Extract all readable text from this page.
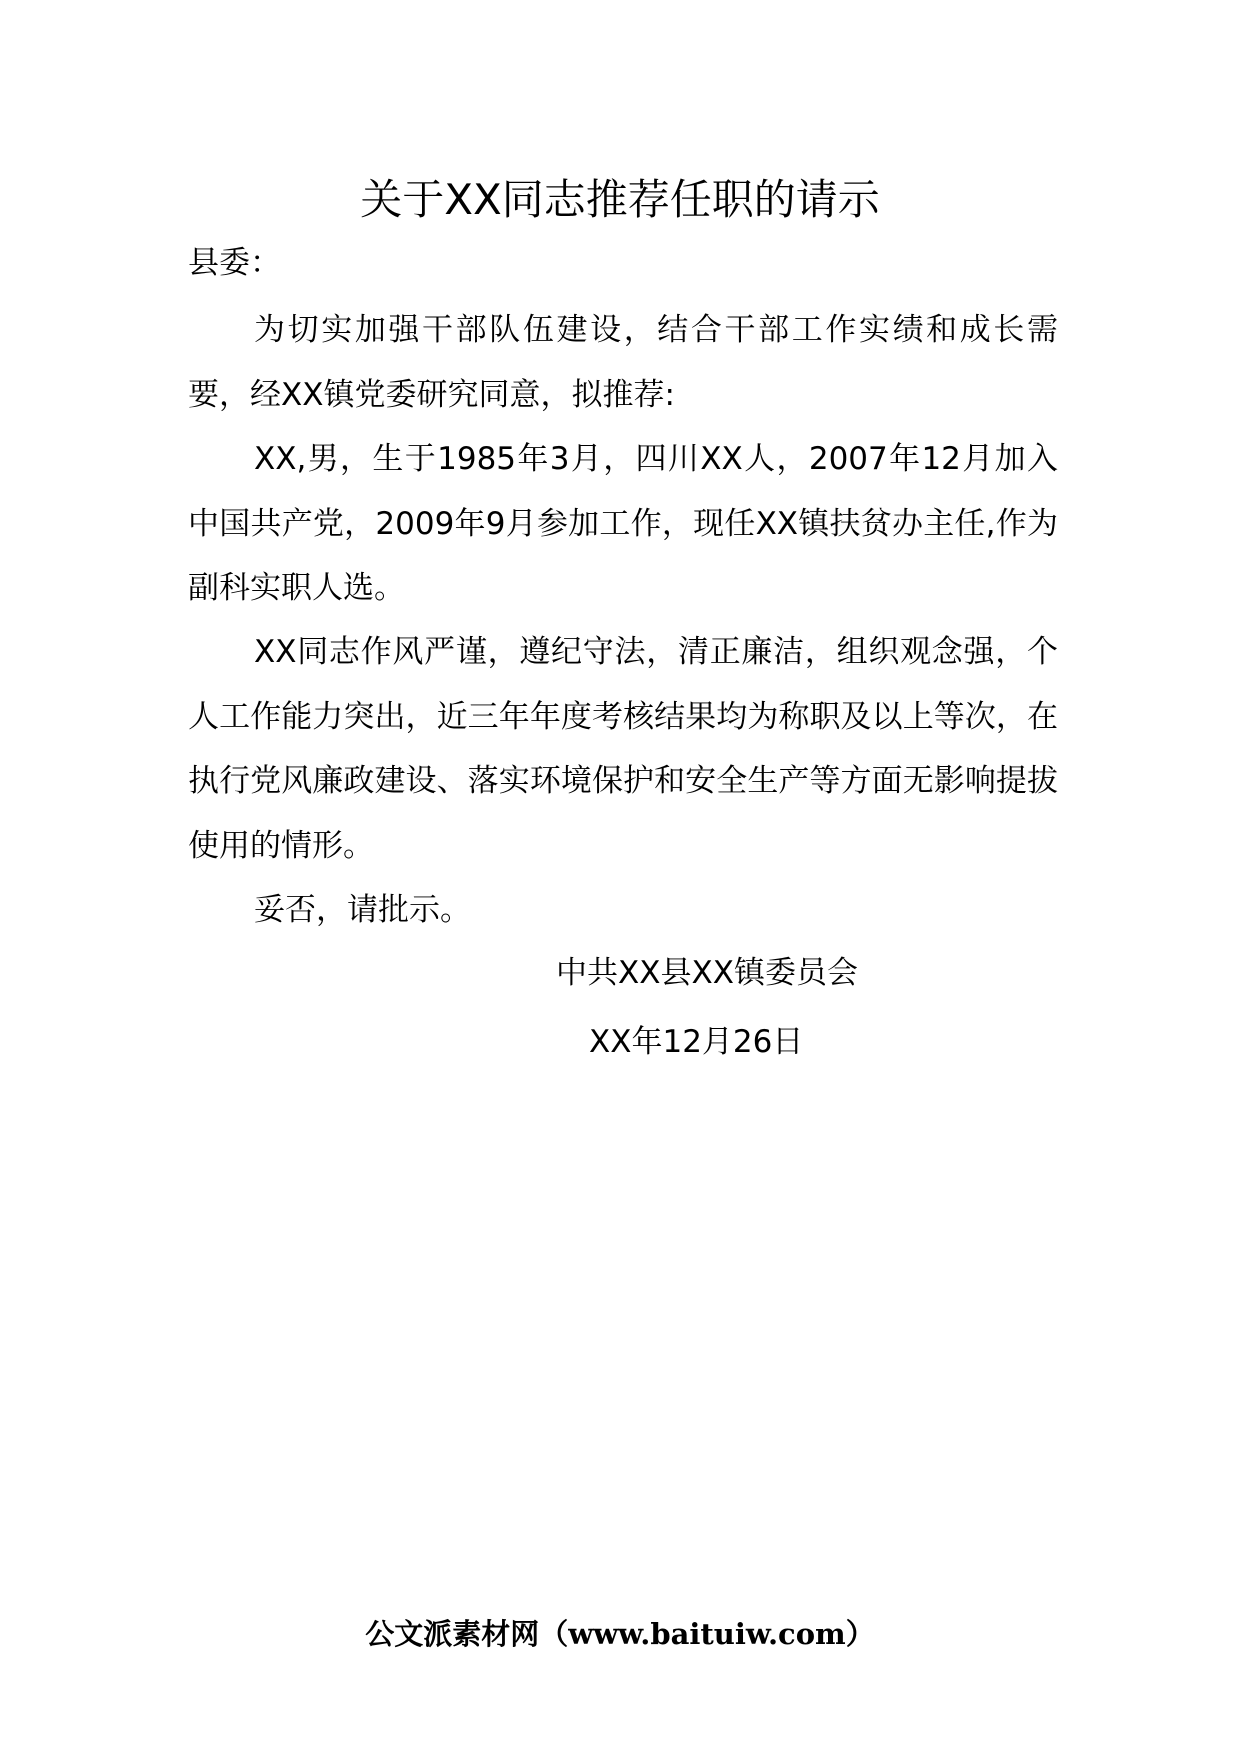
关于XX同志推荐任职的请示
县委：

为切实加强干部队伍建设，结合干部工作实绩和成长需要，经XX镇党委研究同意，拟推荐:

XX,男，生于1985年3月，四川XX人，2007年12月加入中国共产党，2009年9月参加工作，现任XX镇扶贫办主任,作为副科实职人选。

XX同志作风严谨，遵纪守法，清正廉洁，组织观念强，个人工作能力突出，近三年年度考核结果均为称职及以上等次，在执行党风廉政建设、落实环境保护和安全生产等方面无影响提拔使用的情形。

妥否，请批示。

中共XX县XX镇委员会
XX年12月26日
公文派素材网（www.baituiw.com）
